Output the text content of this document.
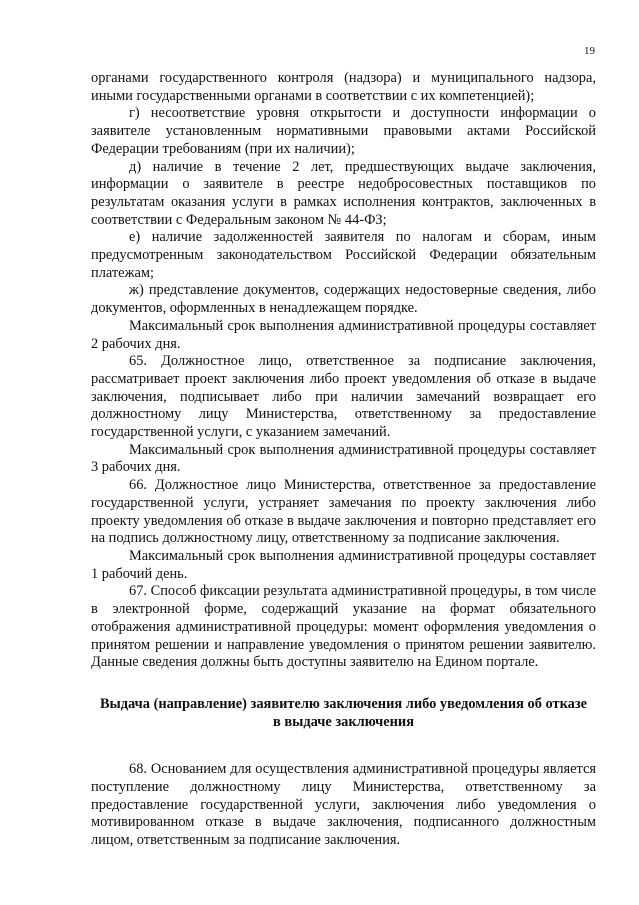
19

органами государственного контроля (надзора) и муниципального надзора, иными государственными органами в соответствии с их компетенцией);

г) несоответствие уровня открытости и доступности информации о заявителе установленным нормативными правовыми актами Российской Федерации требованиям (при их наличии);

д) наличие в течение 2 лет, предшествующих выдаче заключения, информации о заявителе в реестре недобросовестных поставщиков по результатам оказания услуги в рамках исполнения контрактов, заключенных в соответствии с Федеральным законом № 44-ФЗ;

е) наличие задолженностей заявителя по налогам и сборам, иным предусмотренным законодательством Российской Федерации обязательным платежам;

ж) представление документов, содержащих недостоверные сведения, либо документов, оформленных в ненадлежащем порядке.

Максимальный срок выполнения административной процедуры составляет 2 рабочих дня.

65. Должностное лицо, ответственное за подписание заключения, рассматривает проект заключения либо проект уведомления об отказе в выдаче заключения, подписывает либо при наличии замечаний возвращает его должностному лицу Министерства, ответственному за предоставление государственной услуги, с указанием замечаний.

Максимальный срок выполнения административной процедуры составляет 3 рабочих дня.

66. Должностное лицо Министерства, ответственное за предоставление государственной услуги, устраняет замечания по проекту заключения либо проекту уведомления об отказе в выдаче заключения и повторно представляет его на подпись должностному лицу, ответственному за подписание заключения.

Максимальный срок выполнения административной процедуры составляет 1 рабочий день.

67. Способ фиксации результата административной процедуры, в том числе в электронной форме, содержащий указание на формат обязательного отображения административной процедуры: момент оформления уведомления о принятом решении и направление уведомления о принятом решении заявителю. Данные сведения должны быть доступны заявителю на Едином портале.

Выдача (направление) заявителю заключения либо уведомления об отказе в выдаче заключения

68. Основанием для осуществления административной процедуры является поступление должностному лицу Министерства, ответственному за предоставление государственной услуги, заключения либо уведомления о мотивированном отказе в выдаче заключения, подписанного должностным лицом, ответственным за подписание заключения.
